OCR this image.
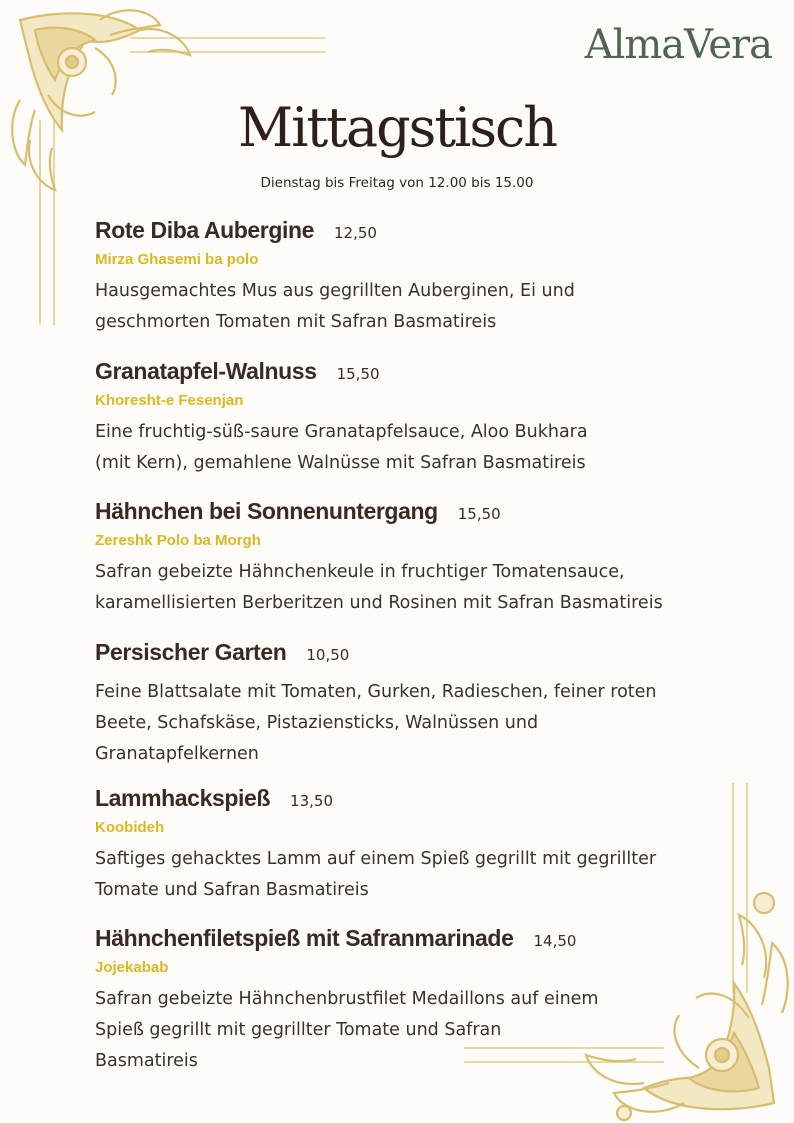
AlmaVera
Mittagstisch
Dienstag bis Freitag von 12.00 bis 15.00
Rote Diba Aubergine 12,50
Mirza Ghasemi ba polo
Hausgemachtes Mus aus gegrillten Auberginen, Ei und
geschmorten Tomaten mit Safran Basmatireis
Granatapfel-Walnuss 15,50
Khoresht-e Fesenjan
Eine fruchtig-süß-saure Granatapfelsauce, Aloo Bukhara
(mit Kern), gemahlene Walnüsse mit Safran Basmatireis
Hähnchen bei Sonnenuntergang 15,50
Zereshk Polo ba Morgh
Safran gebeizte Hähnchenkeule in fruchtiger Tomatensauce,
karamellisierten Berberitzen und Rosinen mit Safran Basmatireis
Persischer Garten 10,50
Feine Blattsalate mit Tomaten, Gurken, Radieschen, feiner roten
Beete, Schafskäse, Pistaziensticks, Walnüssen und
Granatapfelkernen
Lammhackspieß 13,50
Koobideh
Saftiges gehacktes Lamm auf einem Spieß gegrillt mit gegrillter
Tomate und Safran Basmatireis
Hähnchenfiletspieß mit Safranmarinade 14,50
Jojekabab
Safran gebeizte Hähnchenbrustfilet Medaillons auf einem
Spieß gegrillt mit gegrillter Tomate und Safran
Basmatireis
